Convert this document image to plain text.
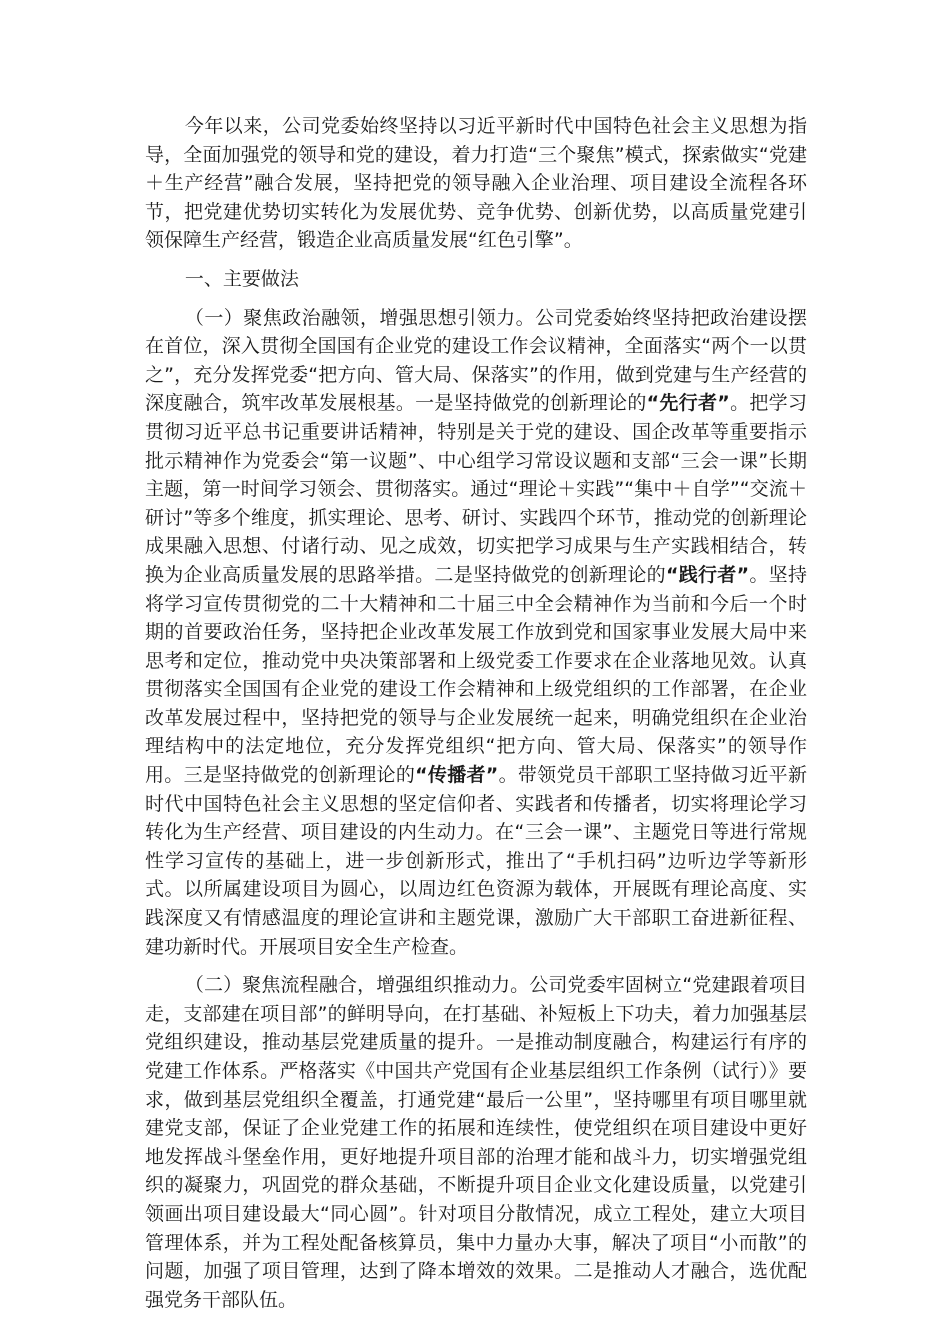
今年以来，公司党委始终坚持以习近平新时代中国特色社会主义思想为指导，全面加强党的领导和党的建设，着力打造“三个聚焦”模式，探索做实“党建＋生产经营”融合发展，坚持把党的领导融入企业治理、项目建设全流程各环节，把党建优势切实转化为发展优势、竞争优势、创新优势，以高质量党建引领保障生产经营，锻造企业高质量发展“红色引擎”。

一、主要做法

（一）聚焦政治融领，增强思想引领力。公司党委始终坚持把政治建设摆在首位，深入贯彻全国国有企业党的建设工作会议精神，全面落实“两个一以贯之”，充分发挥党委“把方向、管大局、保落实”的作用，做到党建与生产经营的深度融合，筑牢改革发展根基。一是坚持做党的创新理论的“先行者”。把学习贯彻习近平总书记重要讲话精神，特别是关于党的建设、国企改革等重要指示批示精神作为党委会“第一议题”、中心组学习常设议题和支部“三会一课”长期主题，第一时间学习领会、贯彻落实。通过“理论＋实践”“集中＋自学”“交流＋研讨”等多个维度，抓实理论、思考、研讨、实践四个环节，推动党的创新理论成果融入思想、付诸行动、见之成效，切实把学习成果与生产实践相结合，转换为企业高质量发展的思路举措。二是坚持做党的创新理论的“践行者”。坚持将学习宣传贯彻党的二十大精神和二十届三中全会精神作为当前和今后一个时期的首要政治任务，坚持把企业改革发展工作放到党和国家事业发展大局中来思考和定位，推动党中央决策部署和上级党委工作要求在企业落地见效。认真贯彻落实全国国有企业党的建设工作会精神和上级党组织的工作部署，在企业改革发展过程中，坚持把党的领导与企业发展统一起来，明确党组织在企业治理结构中的法定地位，充分发挥党组织“把方向、管大局、保落实”的领导作用。三是坚持做党的创新理论的“传播者”。带领党员干部职工坚持做习近平新时代中国特色社会主义思想的坚定信仰者、实践者和传播者，切实将理论学习转化为生产经营、项目建设的内生动力。在“三会一课”、主题党日等进行常规性学习宣传的基础上，进一步创新形式，推出了“手机扫码”边听边学等新形式。以所属建设项目为圆心，以周边红色资源为载体，开展既有理论高度、实践深度又有情感温度的理论宣讲和主题党课，激励广大干部职工奋进新征程、建功新时代。开展项目安全生产检查。

（二）聚焦流程融合，增强组织推动力。公司党委牢固树立“党建跟着项目走，支部建在项目部”的鲜明导向，在打基础、补短板上下功夫，着力加强基层党组织建设，推动基层党建质量的提升。一是推动制度融合，构建运行有序的党建工作体系。严格落实《中国共产党国有企业基层组织工作条例（试行）》要求，做到基层党组织全覆盖，打通党建“最后一公里”，坚持哪里有项目哪里就建党支部，保证了企业党建工作的拓展和连续性，使党组织在项目建设中更好地发挥战斗堡垒作用，更好地提升项目部的治理才能和战斗力，切实增强党组织的凝聚力，巩固党的群众基础，不断提升项目企业文化建设质量，以党建引领画出项目建设最大“同心圆”。针对项目分散情况，成立工程处，建立大项目管理体系，并为工程处配备核算员，集中力量办大事，解决了项目“小而散”的问题，加强了项目管理，达到了降本增效的效果。二是推动人才融合，选优配强党务干部队伍。
